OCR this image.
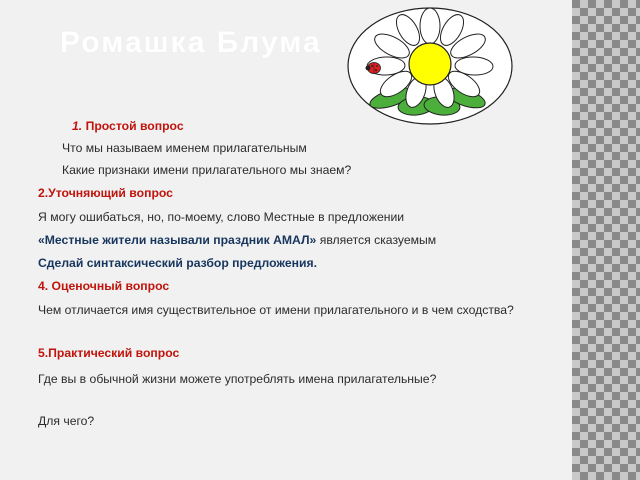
Ромашка Блума
1. Простой вопрос
Что мы называем именем прилагательным
Какие признаки имени прилагательного мы знаем?
2.Уточняющий вопрос
Я могу ошибаться, но, по-моему, слово Местные в предложении
«Местные жители называли праздник АМАЛ» является сказуемым
Сделай синтаксический разбор предложения.
4. Оценочный вопрос
Чем отличается имя существительное от имени прилагательного и в чем сходства?
5.Практический вопрос
Где вы в обычной жизни можете употреблять имена прилагательные?
Для чего?
